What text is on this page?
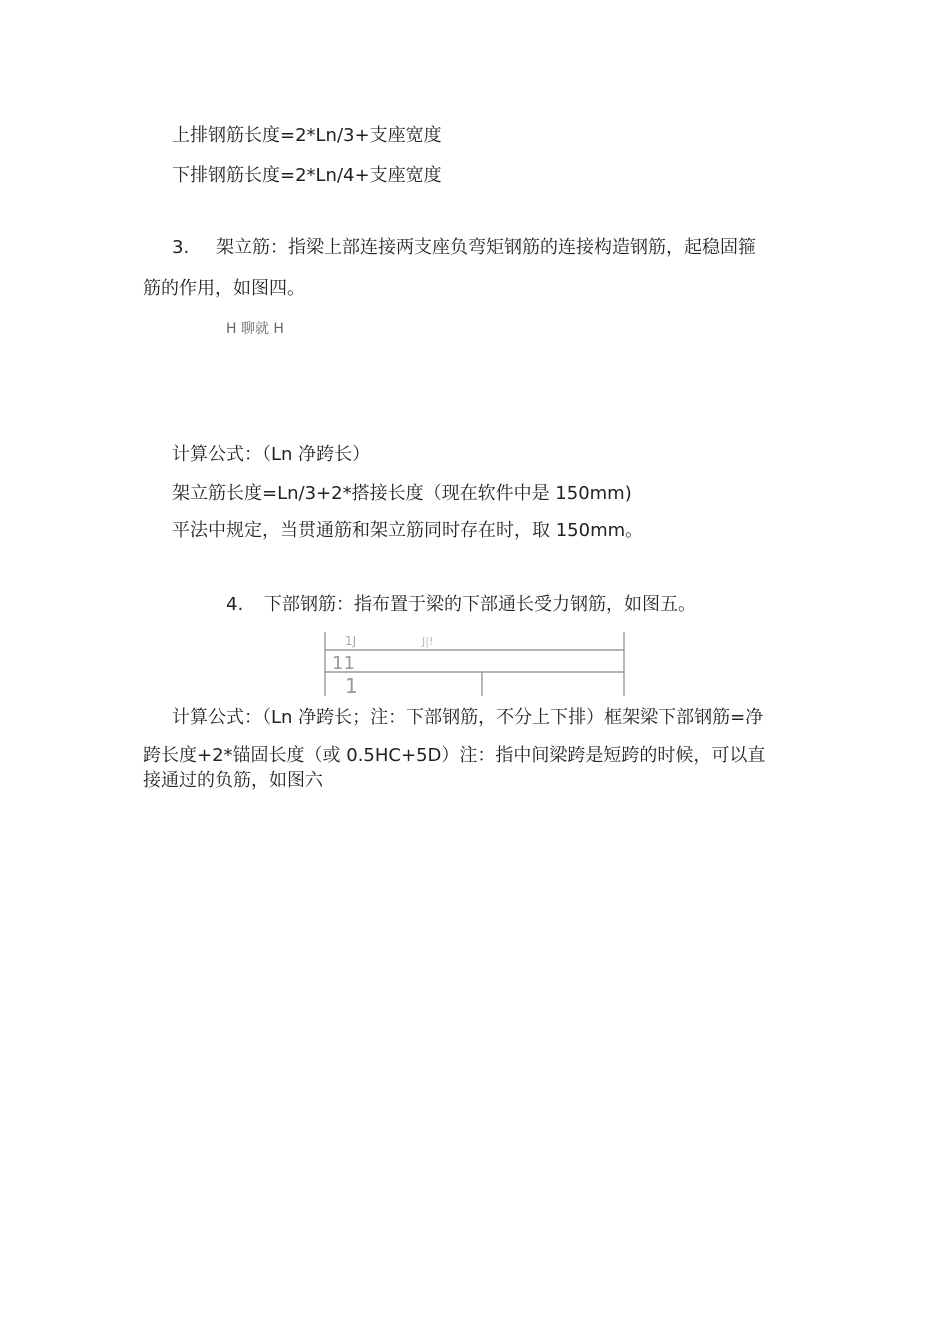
上排钢筋长度=2*Ln/3+支座宽度
下排钢筋长度=2*Ln/4+支座宽度
3. 架立筋：指梁上部连接两支座负弯矩钢筋的连接构造钢筋，起稳固箍
筋的作用，如图四。
H 聊就 H
计算公式：（Ln 净跨长）
架立筋长度=Ln/3+2*搭接长度（现在软件中是 150mm)
平法中规定，当贯通筋和架立筋同时存在时，取 150mm。
4. 下部钢筋：指布置于梁的下部通长受力钢筋，如图五。
1J	J|!
11
1
计算公式：（Ln 净跨长；注：下部钢筋，不分上下排）框架梁下部钢筋=净
跨长度+2*锚固长度（或 0.5HC+5D）注：指中间梁跨是短跨的时候，可以直
接通过的负筋，如图六
